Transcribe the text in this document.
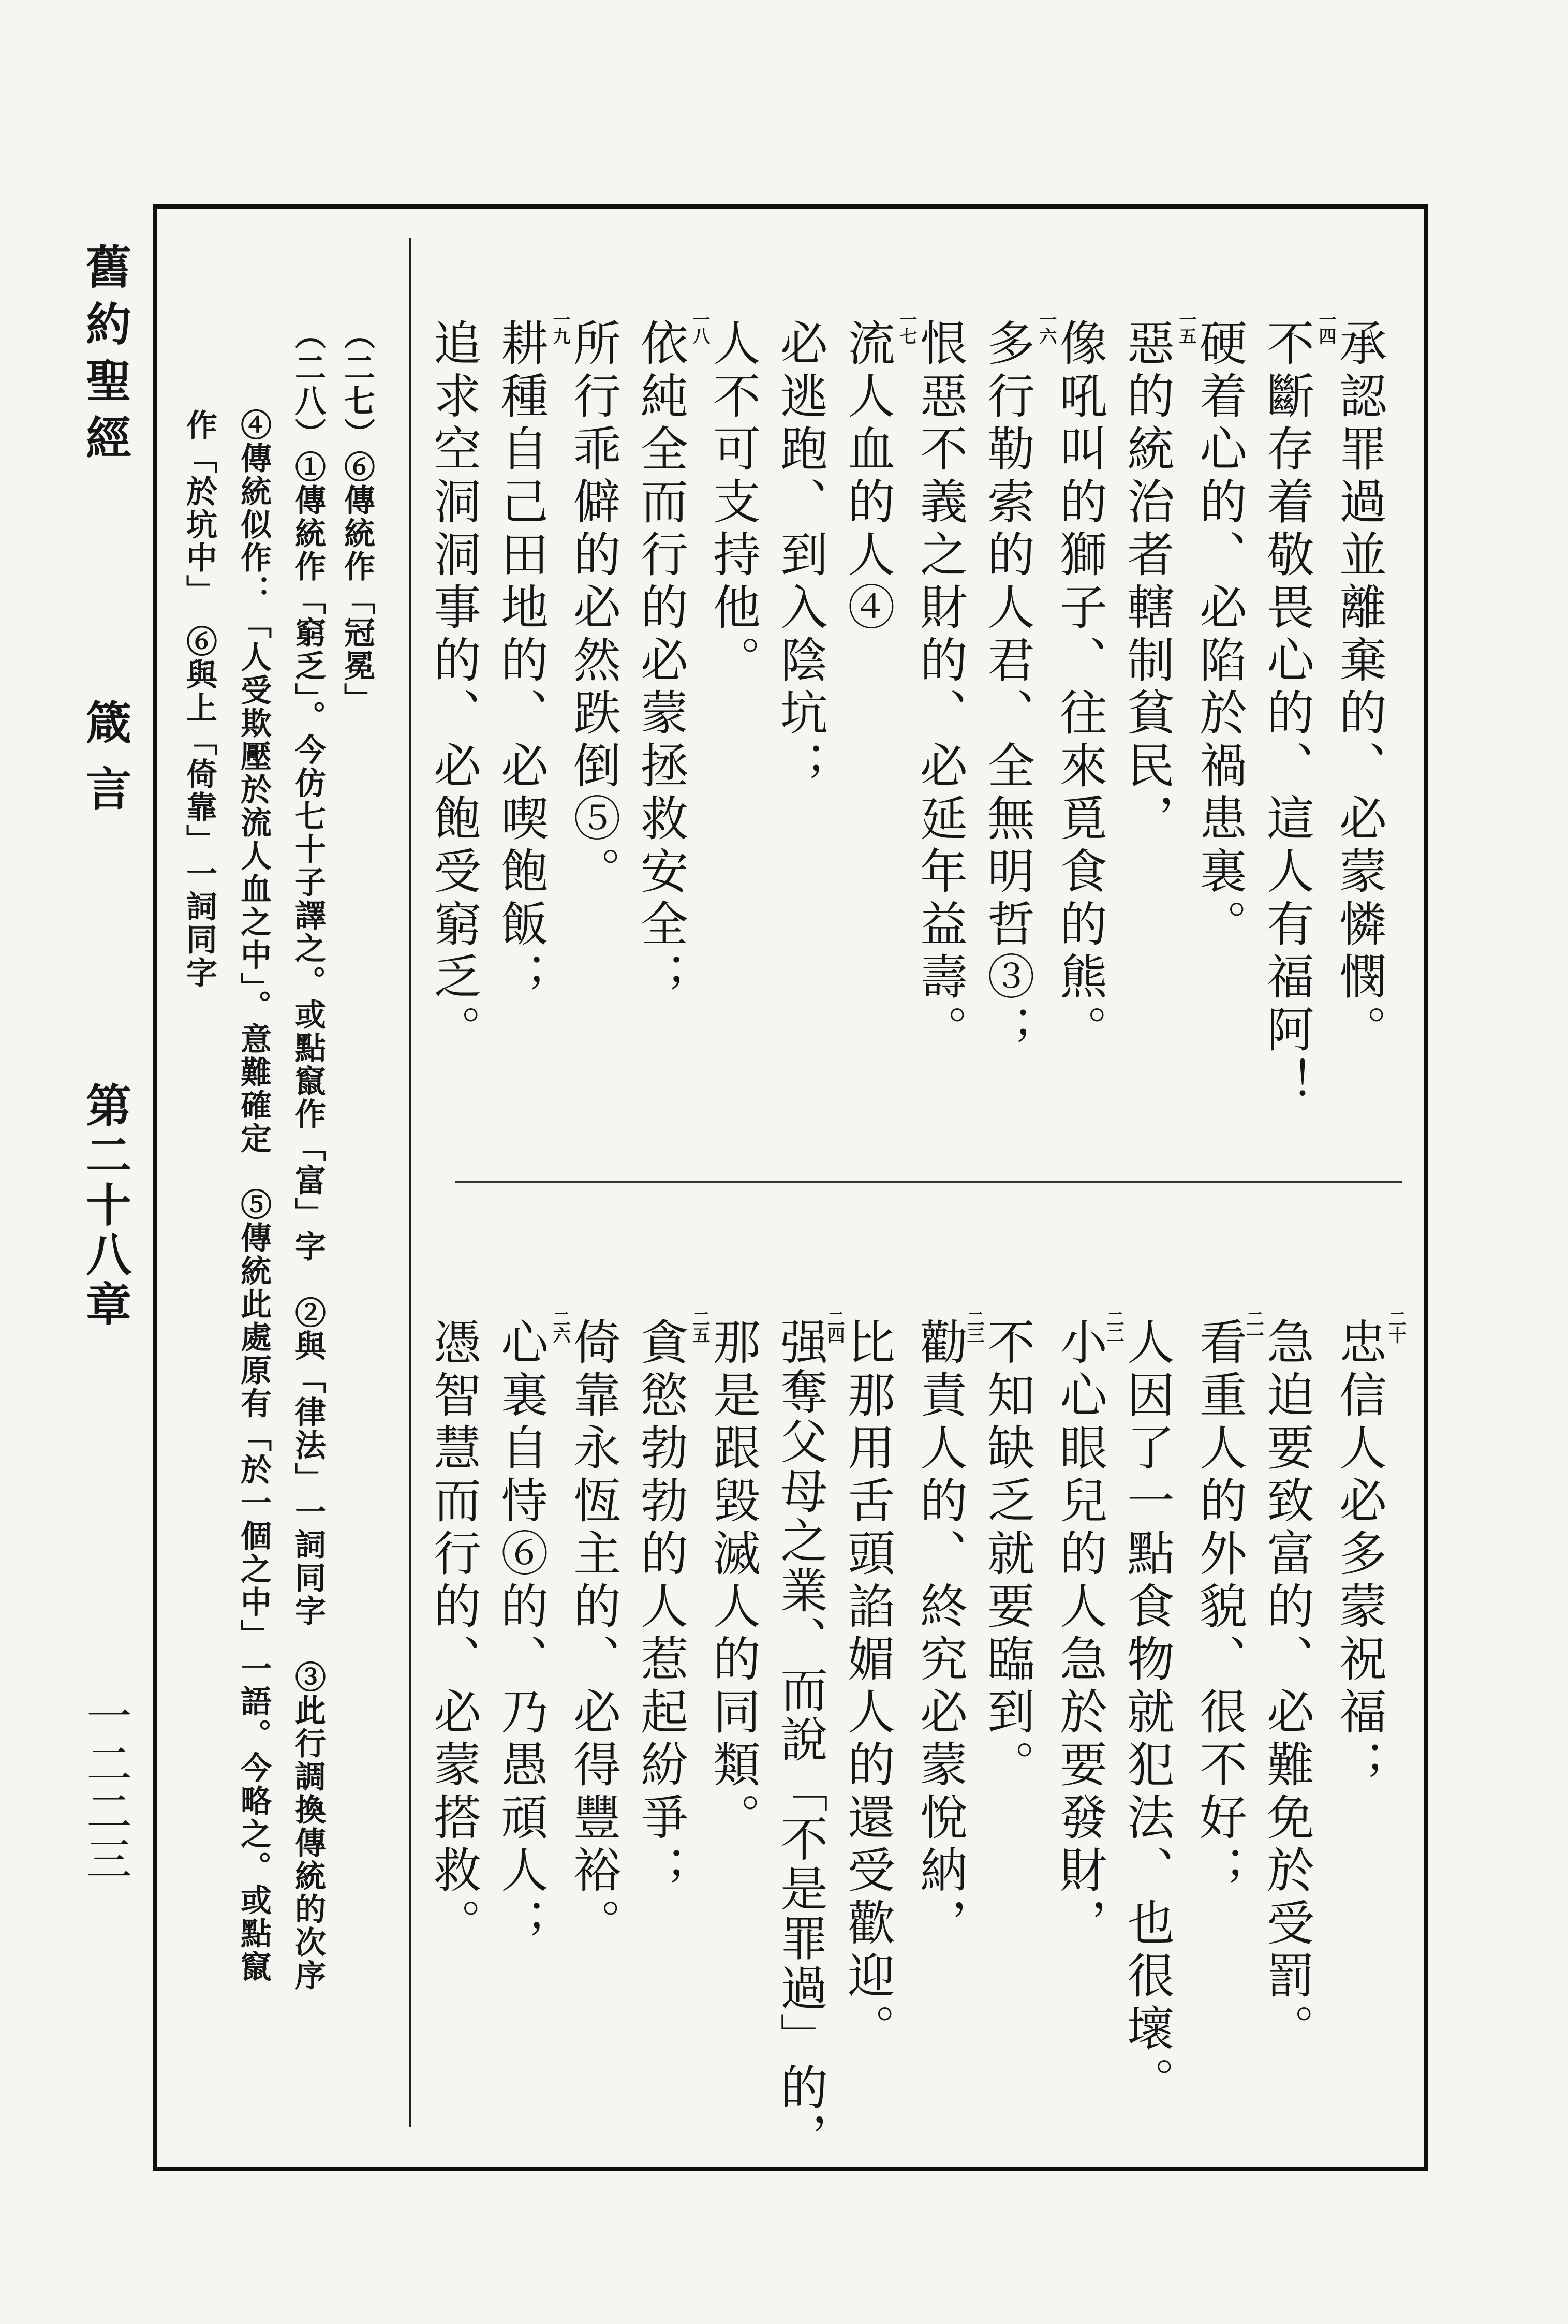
舊約聖經
箴言
第二十八章
一二二三
承認罪過並離棄的、必蒙憐憫。
一四
不斷存着敬畏心的、這人有福阿！
硬着心的、必陷於禍患裏。
一五
惡的統治者轄制貧民，
像吼叫的獅子、往來覓食的熊。
一六
多行勒索的人君、全無明哲③；
恨惡不義之財的、必延年益壽。
一七
流人血的人④
必逃跑、到入陰坑；
人不可支持他。
一八
依純全而行的必蒙拯救安全；
所行乖僻的必然跌倒⑤。
一九
耕種自己田地的、必喫飽飯；
追求空洞洞事的、必飽受窮乏。
二十
忠信人必多蒙祝福；
急迫要致富的、必難免於受罰。
二一
看重人的外貌、很不好；
人因了一點食物就犯法、也很壞。
二二
小心眼兒的人急於要發財，
不知缺乏就要臨到。
二三
勸責人的、終究必蒙悅納，
比那用舌頭諂媚人的還受歡迎。
二四
强奪父母之業、而說「不是罪過」的，
那是跟毀滅人的同類。
二五
貪慾勃勃的人惹起紛爭；
倚靠永恆主的、必得豐裕。
二六
心裏自恃⑥的、乃愚頑人；
憑智慧而行的、必蒙搭救。
（二七）⑥傳統作「冠冕」
（二八）①傳統作「窮乏」。今仿七十子譯之。或點竄作「富」字　②與「律法」一詞同字　③此行調換傳統的次序
④傳統似作：「人受欺壓於流人血之中」。意難確定　⑤傳統此處原有「於一個之中」一語。今略之。或點竄
作「於坑中」　⑥與上「倚靠」一詞同字
